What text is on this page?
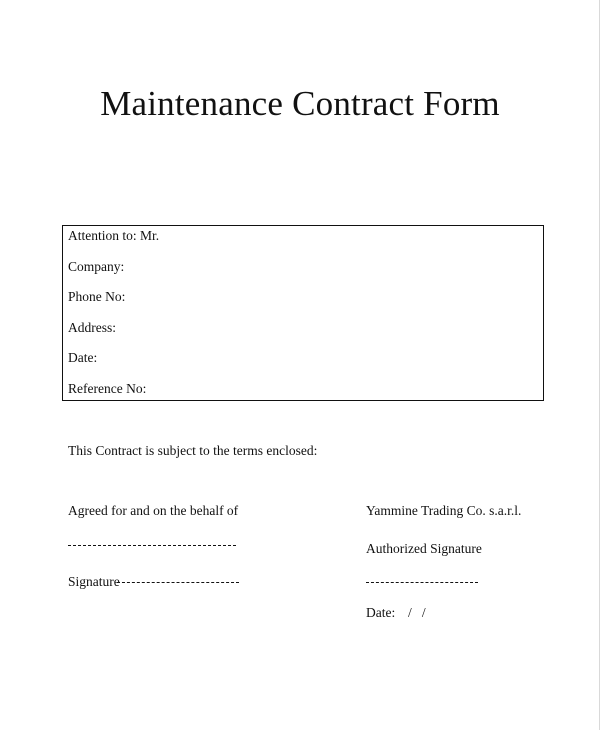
Maintenance Contract Form
Attention to: Mr.
Company:
Phone No:
Address:
Date:
Reference No:
This Contract is subject to the terms enclosed:
Agreed for and on the behalf of
Signature
Yammine Trading Co. s.a.r.l.
Authorized Signature
Date: /   /
